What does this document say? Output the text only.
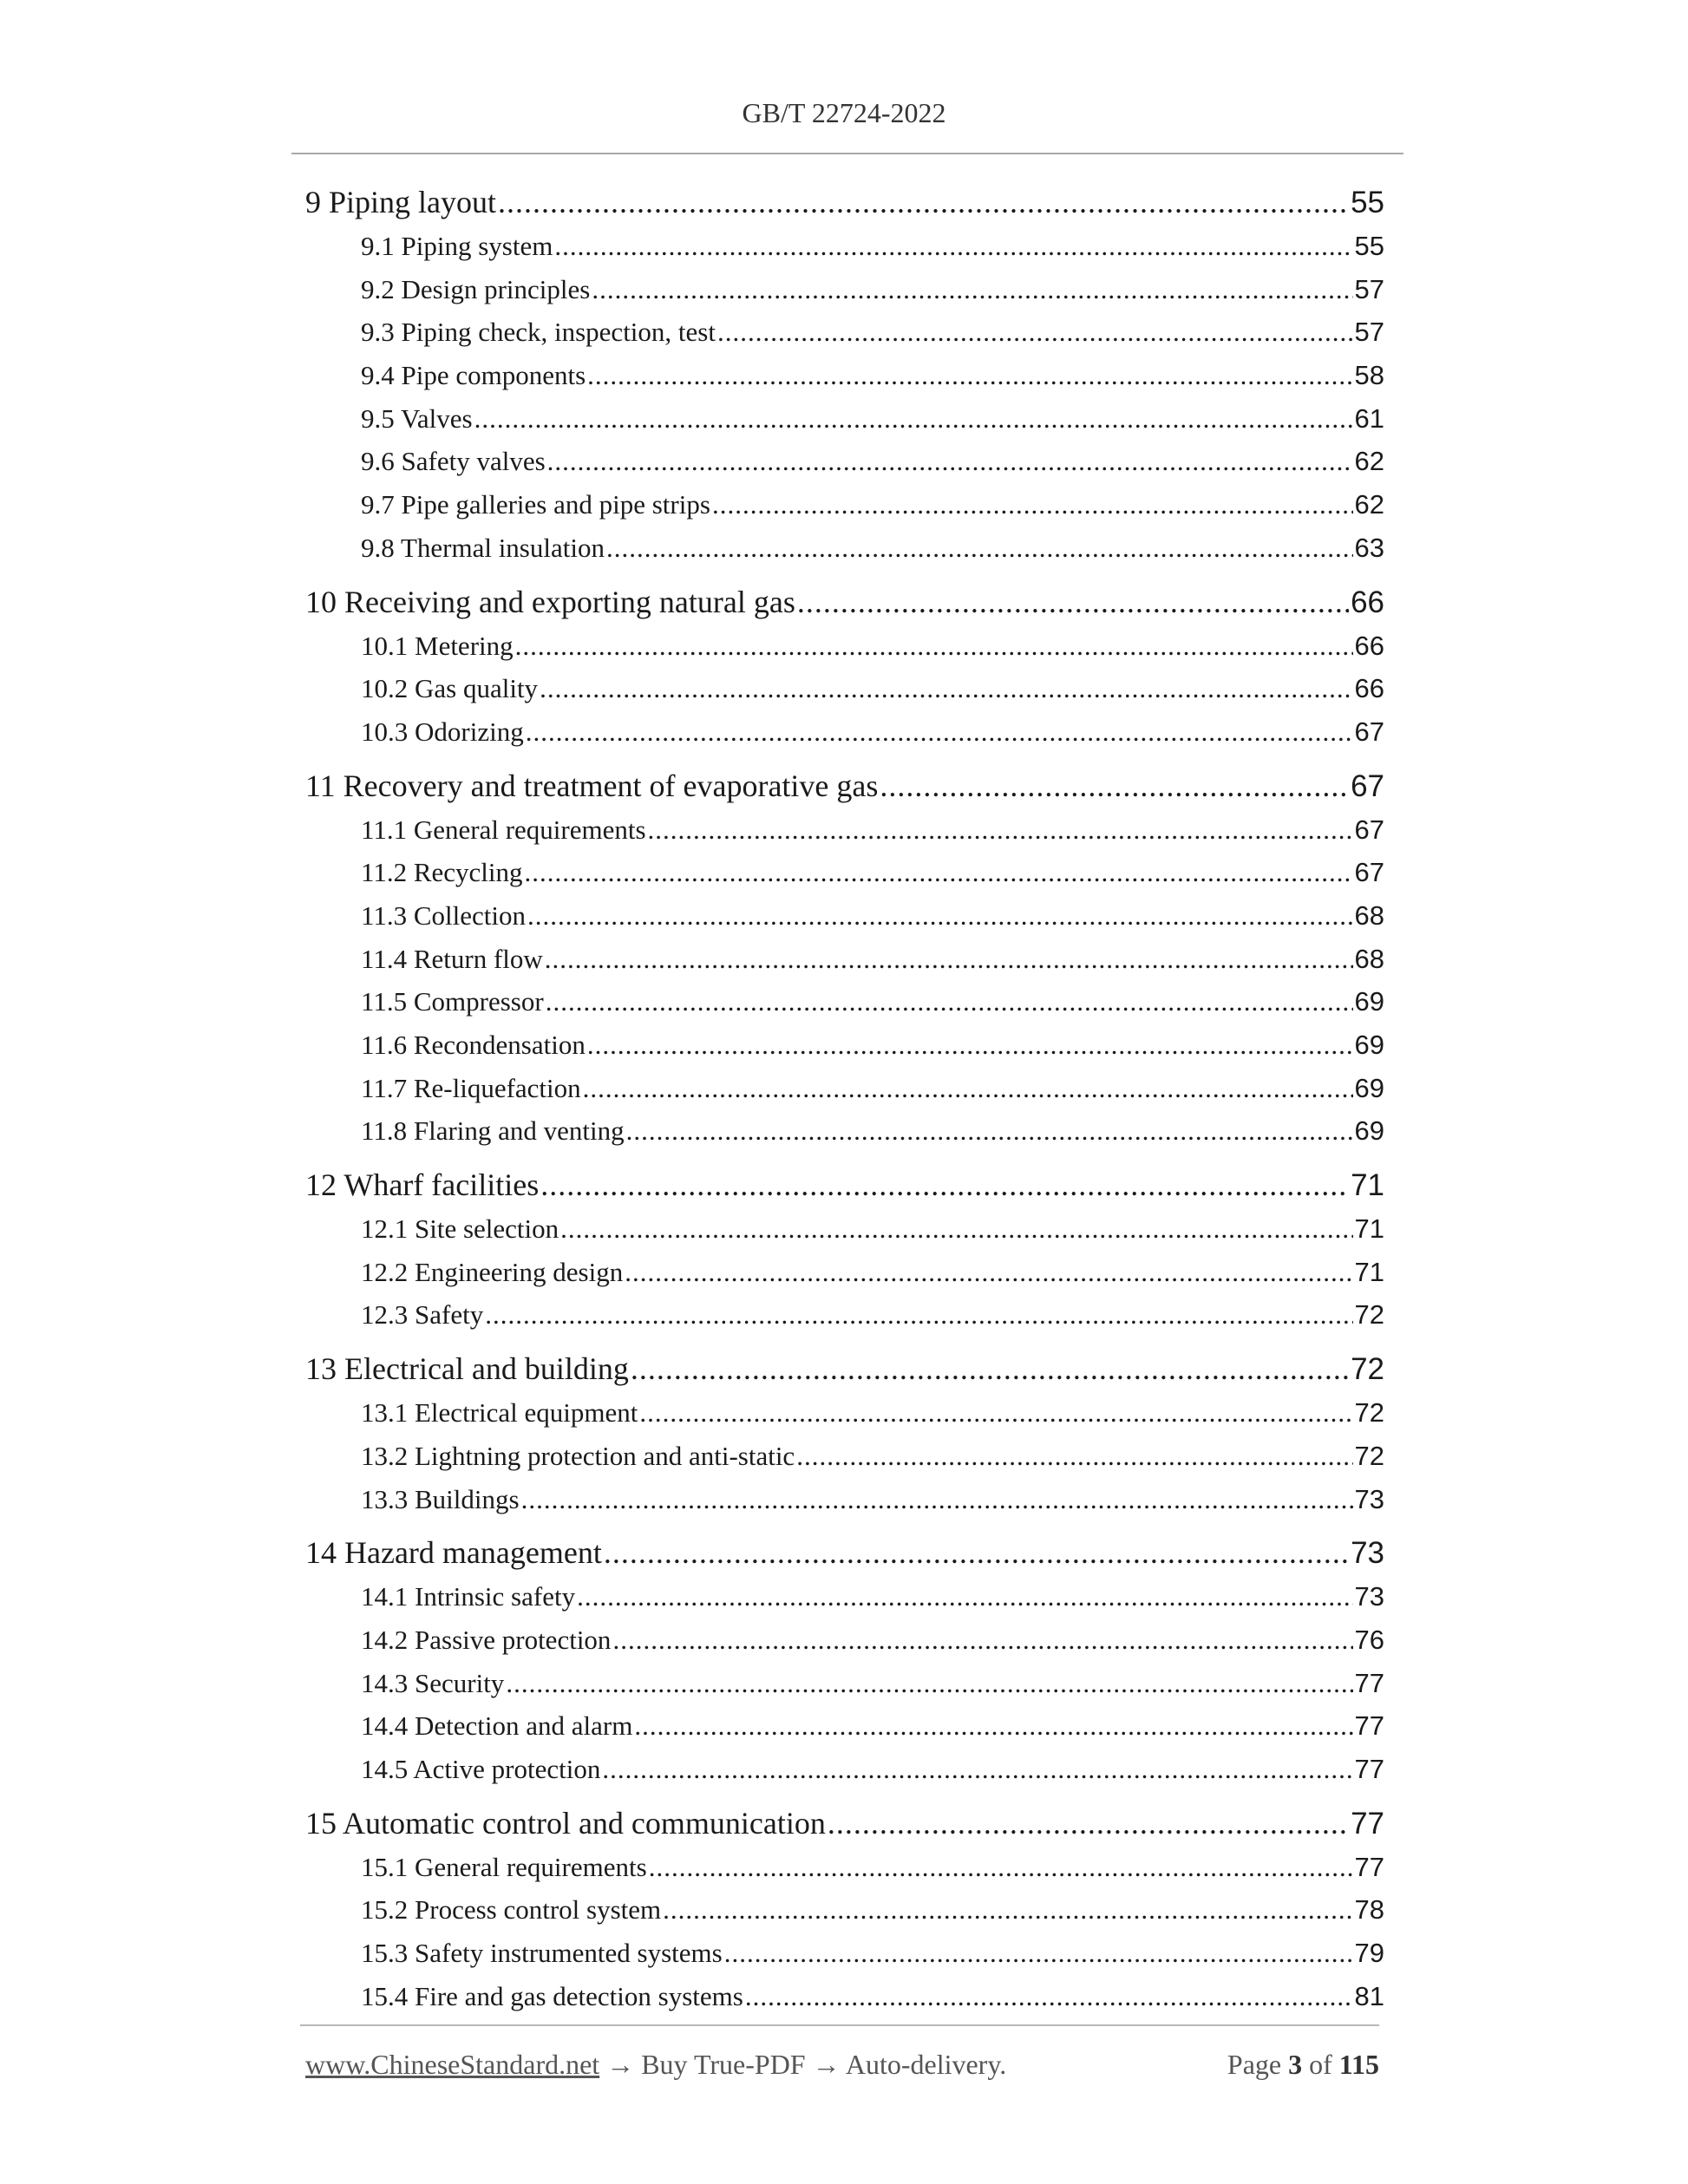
GB/T 22724-2022
9 Piping layout .....	55
9.1 Piping system .....	55
9.2 Design principles .....	57
9.3 Piping check, inspection, test .....	57
9.4 Pipe components .....	58
9.5 Valves .....	61
9.6 Safety valves .....	62
9.7 Pipe galleries and pipe strips .....	62
9.8 Thermal insulation .....	63
10 Receiving and exporting natural gas .....	66
10.1 Metering .....	66
10.2 Gas quality .....	66
10.3 Odorizing .....	67
11 Recovery and treatment of evaporative gas .....	67
11.1 General requirements .....	67
11.2 Recycling .....	67
11.3 Collection .....	68
11.4 Return flow .....	68
11.5 Compressor .....	69
11.6 Recondensation .....	69
11.7 Re-liquefaction .....	69
11.8 Flaring and venting .....	69
12 Wharf facilities .....	71
12.1 Site selection .....	71
12.2 Engineering design .....	71
12.3 Safety .....	72
13 Electrical and building .....	72
13.1 Electrical equipment .....	72
13.2 Lightning protection and anti-static .....	72
13.3 Buildings .....	73
14 Hazard management .....	73
14.1 Intrinsic safety .....	73
14.2 Passive protection .....	76
14.3 Security .....	77
14.4 Detection and alarm .....	77
14.5 Active protection .....	77
15 Automatic control and communication .....	77
15.1 General requirements .....	77
15.2 Process control system .....	78
15.3 Safety instrumented systems .....	79
15.4 Fire and gas detection systems .....	81
www.ChineseStandard.net → Buy True-PDF → Auto-delivery.	Page 3 of 115
